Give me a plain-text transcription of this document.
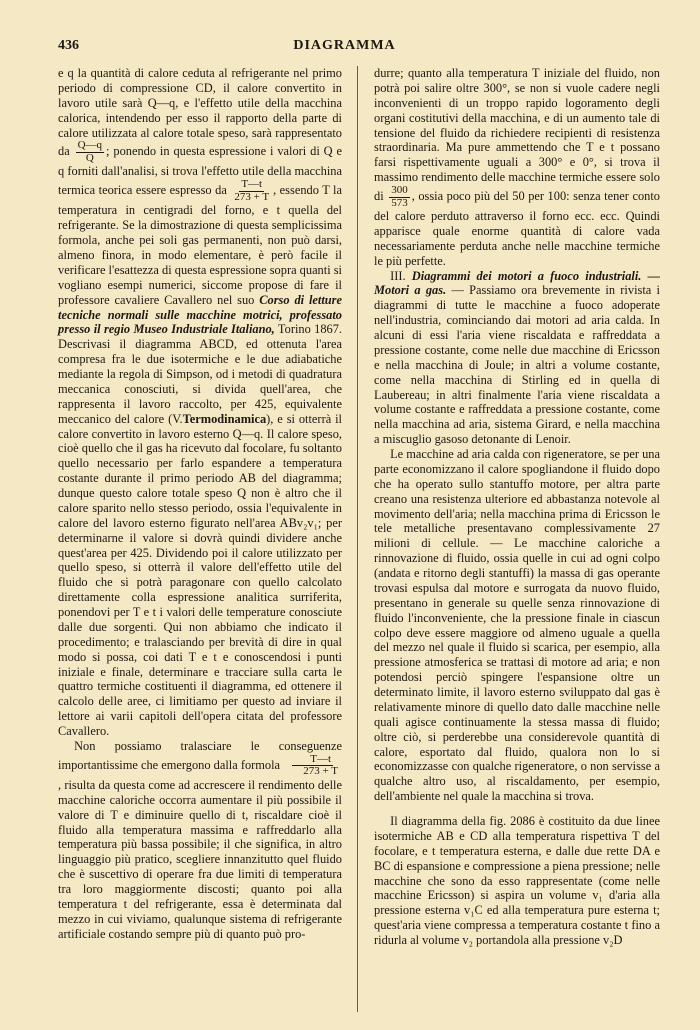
436	DIAGRAMMA

e q la quantità di calore ceduta al refrigerante nel primo periodo di compressione CD, il calore convertito in lavoro utile sarà Q—q, e l'effetto utile della macchina calorica, intendendo per esso il rapporto della parte di calore utilizzata al calore totale speso, sarà rappresentato da $\frac{Q—q}{Q}$ ; ponendo in questa espressione i valori di Q e q forniti dall'analisi, si trova l'effetto utile della macchina termica teorica essere espresso da $\frac{T—t}{273 + T}$ , essendo T la temperatura in centigradi del forno, e t quella del refrigerante. Se la dimostrazione di questa semplicissima formola, anche pei soli gas permanenti, non può darsi, almeno finora, in modo elementare, è però facile il verificare l'esattezza di questa espressione sopra quanti si vogliano esempi numerici, siccome propose di fare il professore cavaliere Cavallero nel suo Corso di letture tecniche normali sulle macchine motrici, professato presso il regio Museo Industriale Italiano, Torino 1867. Descrivasi il diagramma ABCD, ed ottenuta l'area compresa fra le due isotermiche e le due adiabatiche mediante la regola di Simpson, od i metodi di quadratura meccanica conosciuti, si divida quell'area, che rappresenta il lavoro raccolto, per 425, equivalente meccanico del calore (V.Termodinamica), e si otterrà il calore convertito in lavoro esterno Q—q. Il calore speso, cioè quello che il gas ha ricevuto dal focolare, fu soltanto quello necessario per farlo espandere a temperatura costante durante il primo periodo AB del diagramma; dunque questo calore totale speso Q non è altro che il calore sparito nello stesso periodo, ossia l'equivalente in calore del lavoro esterno figurato nell'area ABv₂v₁; per determinarne il valore si dovrà quindi dividere anche quest'area per 425. Dividendo poi il calore utilizzato per quello speso, si otterrà il valore dell'effetto utile del fluido che si potrà paragonare con quello calcolato direttamente colla espressione analitica surriferita, ponendovi per T e t i valori delle temperature conosciute dalle due sorgenti. Qui non abbiamo che indicato il procedimento; e tralasciando per brevità di dire in qual modo si possa, coi dati T e t e conoscendosi i punti iniziale e finale, determinare e tracciare sulla carta le quattro termiche costituenti il diagramma, ed ottenere il calcolo delle aree, ci limitiamo per questo ad inviare il lettore ai varii capitoli dell'opera citata del professore Cavallero.

Non possiamo tralasciare le conseguenze importantissime che emergono dalla formola $\frac{T—t}{273 + T}$
, risulta da questa come ad accrescere il rendimento delle macchine caloriche occorra aumentare il più possibile il valore di T e diminuire quello di t, riscaldare cioè il fluido alla temperatura massima e raffreddarlo alla temperatura più bassa possibile; il che significa, in altro linguaggio più pratico, scegliere innanzitutto quel fluido che è suscettivo di operare fra due limiti di temperatura tra loro maggiormente discosti; quanto poi alla temperatura t del refrigerante, essa è determinata dal mezzo in cui viviamo, qualunque sistema di refrigerante artificiale costando sempre più di quanto può pro-

durre; quanto alla temperatura T iniziale del fluido, non potrà poi salire oltre 300°, se non si vuole cadere negli inconvenienti di un troppo rapido logoramento degli organi costitutivi della macchina, e di un aumento tale di tensione del fluido da richiedere recipienti di resistenza straordinaria. Ma pure ammettendo che T e t possano farsi rispettivamente uguali a 300° e 0°, si trova il massimo rendimento delle macchine termiche essere solo di $\frac{300}{573}$ , ossia poco più del 50 per 100: senza tener conto del calore perduto attraverso il forno ecc. ecc. Quindi apparisce quale enorme quantità di calore vada necessariamente perduta anche nelle macchine termiche le più perfette.

III. Diagrammi dei motori a fuoco industriali. — Motori a gas. — Passiamo ora brevemente in rivista i diagrammi di tutte le macchine a fuoco adoperate nell'industria, cominciando dai motori ad aria calda. In alcuni di essi l'aria viene riscaldata e raffreddata a pressione costante, come nelle due macchine di Ericsson e nella macchina di Joule; in altri a volume costante, come nella macchina di Stirling ed in quella di Laubereau; in altri finalmente l'aria viene riscaldata a volume costante e raffreddata a pressione costante, come nella macchina ad aria, sistema Girard, e nella macchina a miscuglio gasoso detonante di Lenoir.

Le macchine ad aria calda con rigeneratore, se per una parte economizzano il calore spogliandone il fluido dopo che ha operato sullo stantuffo motore, per altra parte creano una resistenza ulteriore ed abbastanza notevole al movimento dell'aria; nella macchina prima di Ericsson le tele metalliche presentavano complessivamente 27 milioni di cellule. — Le macchine caloriche a rinnovazione di fluido, ossia quelle in cui ad ogni colpo (andata e ritorno degli stantuffi) la massa di gas operante trovasi espulsa dal motore e surrogata da nuovo fluido, presentano in generale su quelle senza rinnovazione di fluido l'inconveniente, che la pressione finale in ciascun colpo deve essere maggiore od almeno uguale a quella del mezzo nel quale il fluido si scarica, per esempio, alla pressione atmosferica se trattasi di motore ad aria; e non potendosi perciò spingere l'espansione oltre un determinato limite, il lavoro esterno sviluppato dal gas è relativamente minore di quello dato dalle macchine nelle quali agisce continuamente la stessa massa di fluido; oltre ciò, si perderebbe una considerevole quantità di calore, esportato dal fluido, qualora non lo si economizzasse con qualche rigeneratore, o non servisse a qualche altro uso, al riscaldamento, per esempio, dell'ambiente nel quale la macchina si trova.

Il diagramma della fig. 2086 è costituito da due linee isotermiche AB e CD alla temperatura rispettiva T del focolare, e t temperatura esterna, e dalle due rette DA e BC di espansione e compressione a piena pressione; nelle macchine che sono da esso rappresentate (come nelle macchine Ericsson) si aspira un volume v₁ d'aria alla pressione esterna v₁C ed alla temperatura pure esterna t; quest'aria viene compressa a temperatura costante t fino a ridurla al volume v₂ portandola alla pressione v₂D
